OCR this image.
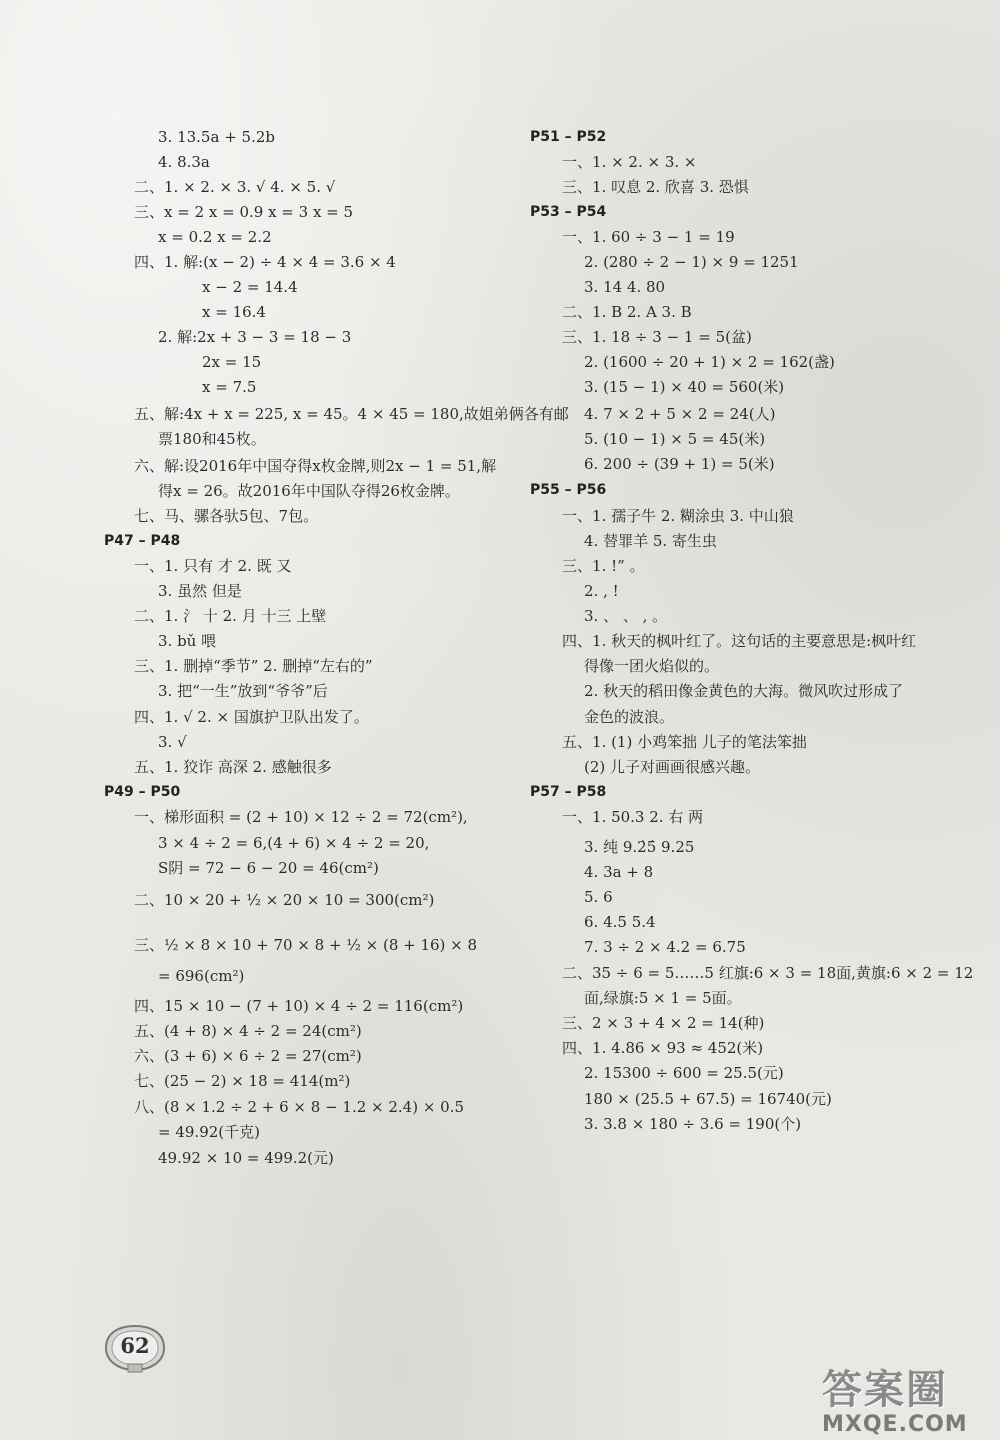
3. 13.5a + 5.2b
4. 8.3a
二、1. × 2. × 3. √ 4. × 5. √
三、x = 2 x = 0.9 x = 3 x = 5
x = 0.2 x = 2.2
四、1. 解:(x − 2) ÷ 4 × 4 = 3.6 × 4
x − 2 = 14.4
x = 16.4
2. 解:2x + 3 − 3 = 18 − 3
2x = 15
x = 7.5
五、解:4x + x = 225, x = 45。4 × 45 = 180,故姐弟俩各有邮
票180和45枚。
六、解:设2016年中国夺得x枚金牌,则2x − 1 = 51,解
得x = 26。故2016年中国队夺得26枚金牌。
七、马、骡各驮5包、7包。
P47 – P48
一、1. 只有 才 2. 既 又
3. 虽然 但是
二、1. 氵 十 2. 月 十三 上壁
3. bǔ 喂
三、1. 删掉“季节” 2. 删掉“左右的”
3. 把“一生”放到“爷爷”后
四、1. √ 2. × 国旗护卫队出发了。
3. √
五、1. 狡诈 高深 2. 感触很多
P49 – P50
一、梯形面积 = (2 + 10) × 12 ÷ 2 = 72(cm²),
3 × 4 ÷ 2 = 6,(4 + 6) × 4 ÷ 2 = 20,
S阴 = 72 − 6 − 20 = 46(cm²)
二、10 × 20 + ½ × 20 × 10 = 300(cm²)
三、½ × 8 × 10 + 70 × 8 + ½ × (8 + 16) × 8
= 696(cm²)
四、15 × 10 − (7 + 10) × 4 ÷ 2 = 116(cm²)
五、(4 + 8) × 4 ÷ 2 = 24(cm²)
六、(3 + 6) × 6 ÷ 2 = 27(cm²)
七、(25 − 2) × 18 = 414(m²)
八、(8 × 1.2 ÷ 2 + 6 × 8 − 1.2 × 2.4) × 0.5
= 49.92(千克)
49.92 × 10 = 499.2(元)
P51 – P52
一、1. × 2. × 3. ×
三、1. 叹息 2. 欣喜 3. 恐惧
P53 – P54
一、1. 60 ÷ 3 − 1 = 19
2. (280 ÷ 2 − 1) × 9 = 1251
3. 14 4. 80
二、1. B 2. A 3. B
三、1. 18 ÷ 3 − 1 = 5(盆)
2. (1600 ÷ 20 + 1) × 2 = 162(盏)
3. (15 − 1) × 40 = 560(米)
4. 7 × 2 + 5 × 2 = 24(人)
5. (10 − 1) × 5 = 45(米)
6. 200 ÷ (39 + 1) = 5(米)
P55 – P56
一、1. 孺子牛 2. 糊涂虫 3. 中山狼
4. 替罪羊 5. 寄生虫
三、1. !” 。
2. , !
3. 、 、 , 。
四、1. 秋天的枫叶红了。这句话的主要意思是:枫叶红
得像一团火焰似的。
2. 秋天的稻田像金黄色的大海。微风吹过形成了
金色的波浪。
五、1. (1) 小鸡笨拙 儿子的笔法笨拙
(2) 儿子对画画很感兴趣。
P57 – P58
一、1. 50.3 2. 右 两
3. 纯 9.2̇5̇ 9.25
4. 3a + 8
5. 6
6. 4.5 5.4
7. 3 ÷ 2 × 4.2 = 6.75
二、35 ÷ 6 = 5……5 红旗:6 × 3 = 18面,黄旗:6 × 2 = 12
面,绿旗:5 × 1 = 5面。
三、2 × 3 + 4 × 2 = 14(种)
四、1. 4.86 × 93 ≈ 452(米)
2. 15300 ÷ 600 = 25.5(元)
180 × (25.5 + 67.5) = 16740(元)
3. 3.8 × 180 ÷ 3.6 = 190(个)
62
答案圈
MXQE.COM
